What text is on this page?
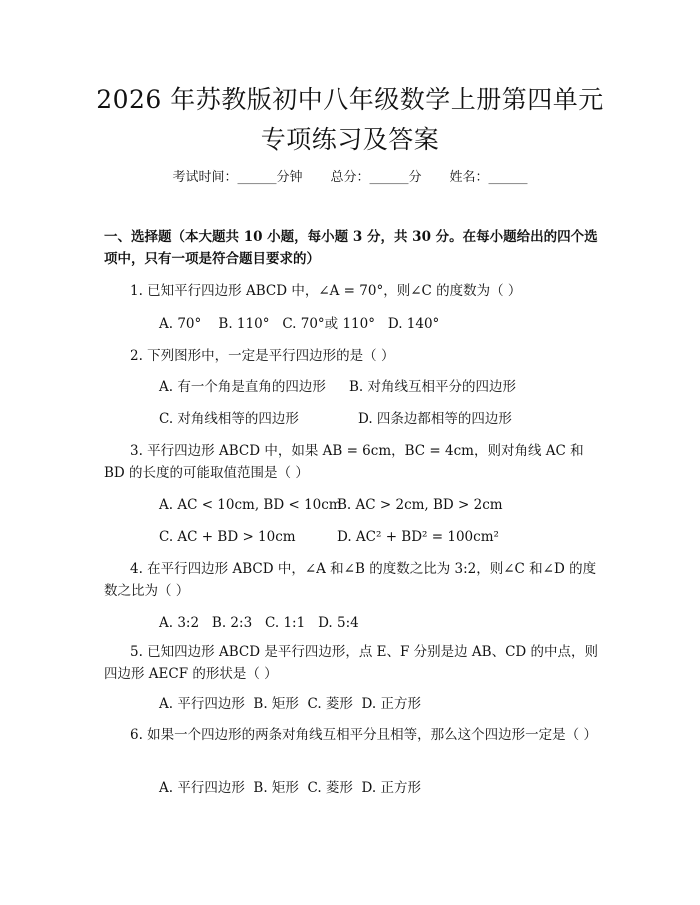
2026 年苏教版初中八年级数学上册第四单元
专项练习及答案
考试时间：______分钟 总分：______分 姓名：______
一、选择题（本大题共 10 小题，每小题 3 分，共 30 分。在每小题给出的四个选项中，只有一项是符合题目要求的）
1. 已知平行四边形 ABCD 中，∠A = 70°，则∠C 的度数为（ ）
A. 70°    B. 110°   C. 70°或 110°   D. 140°
2. 下列图形中，一定是平行四边形的是（ ）
A. 有一个角是直角的四边形 B. 对角线互相平分的四边形
C. 对角线相等的四边形	D. 四条边都相等的四边形
3. 平行四边形 ABCD 中，如果 AB = 6cm，BC = 4cm，则对角线 AC 和 BD 的长度的可能取值范围是（ ）
A. AC < 10cm, BD < 10cm
B. AC > 2cm, BD > 2cm
C. AC + BD > 10cm	D. AC² + BD² = 100cm²
4. 在平行四边形 ABCD 中，∠A 和∠B 的度数之比为 3:2，则∠C 和∠D 的度数之比为（ ）
A. 3:2   B. 2:3   C. 1:1   D. 5:4
5. 已知四边形 ABCD 是平行四边形，点 E、F 分别是边 AB、CD 的中点，则四边形 AECF 的形状是（ ）
A. 平行四边形  B. 矩形  C. 菱形  D. 正方形
6. 如果一个四边形的两条对角线互相平分且相等，那么这个四边形一定是（ ）
A. 平行四边形  B. 矩形  C. 菱形  D. 正方形
